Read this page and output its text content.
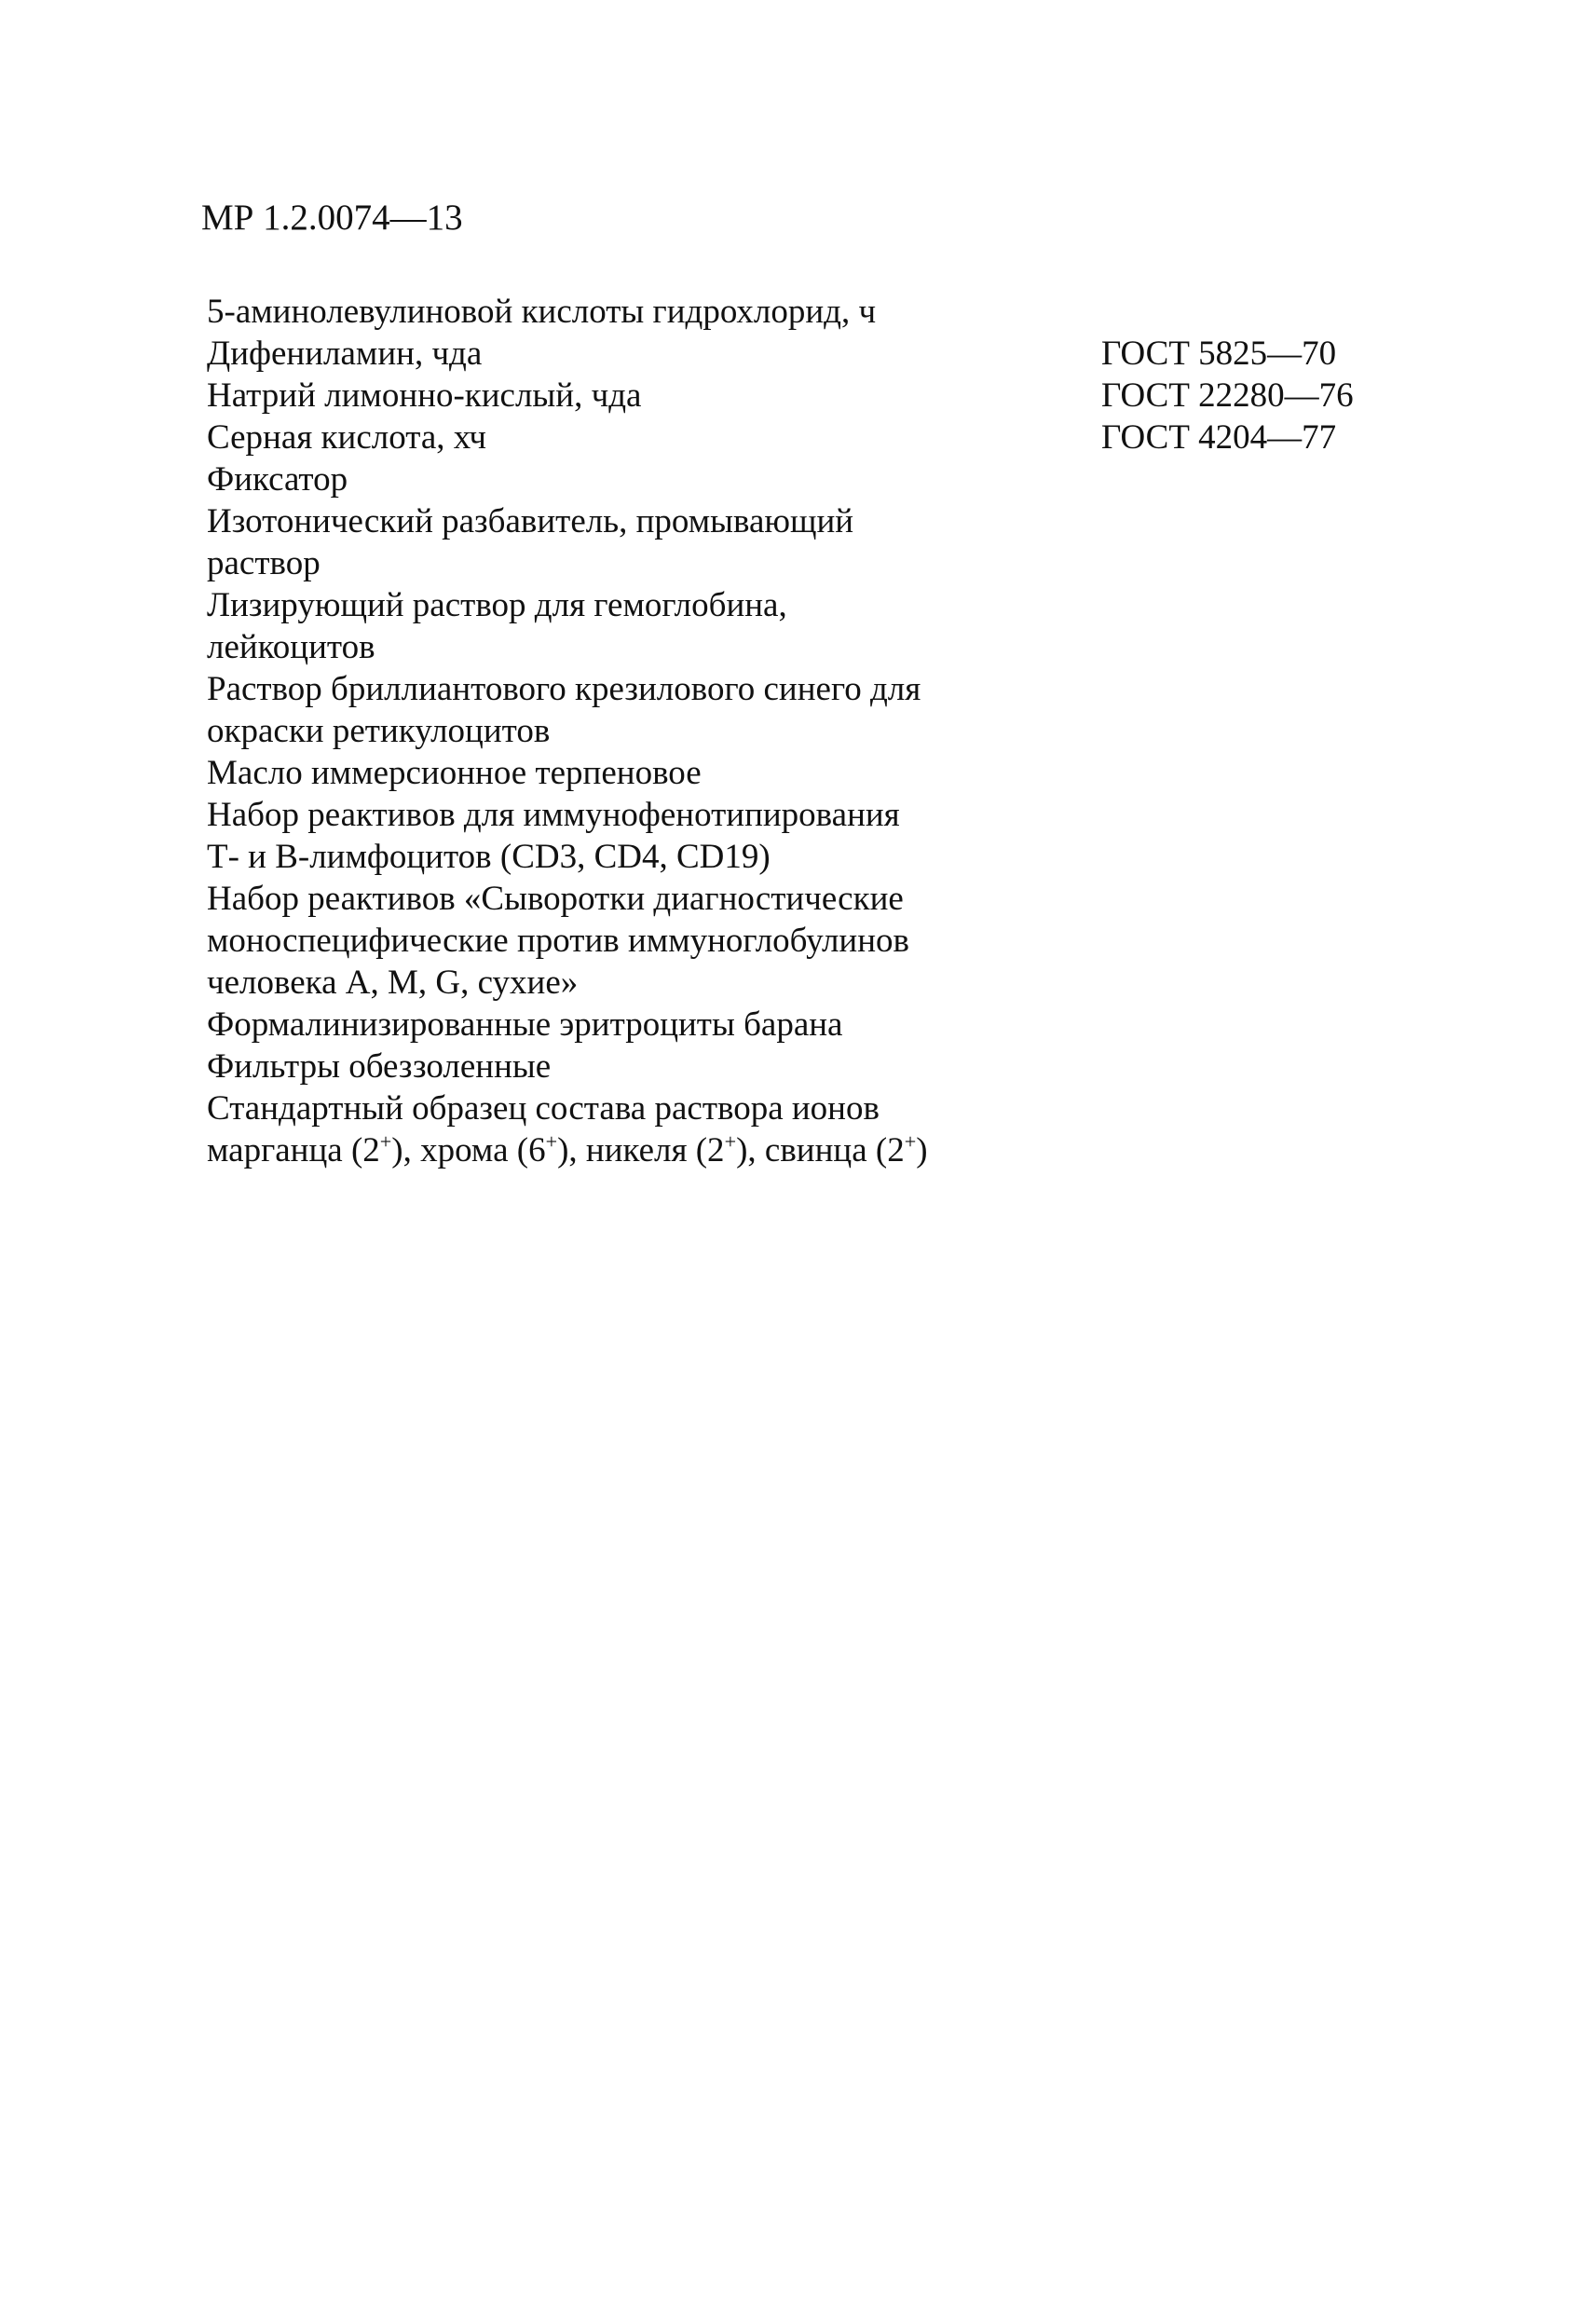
МР 1.2.0074—13
5-аминолевулиновой кислоты гидрохлорид, ч
Дифениламин, чда	ГОСТ 5825—70
Натрий лимонно-кислый, чда	ГОСТ 22280—76
Серная кислота, хч	ГОСТ 4204—77
Фиксатор
Изотонический разбавитель, промывающий
раствор
Лизирующий раствор для гемоглобина,
лейкоцитов
Раствор бриллиантового крезилового синего для
окраски ретикулоцитов
Масло иммерсионное терпеновое
Набор реактивов для иммунофенотипирования
Т- и В-лимфоцитов (CD3, CD4, CD19)
Набор реактивов «Сыворотки диагностические
моноспецифические против иммуноглобулинов
человека А, М, G, сухие»
Формалинизированные эритроциты барана
Фильтры обеззоленные
Стандартный образец состава раствора ионов
марганца (2+), хрома (6+), никеля (2+), свинца (2+)
